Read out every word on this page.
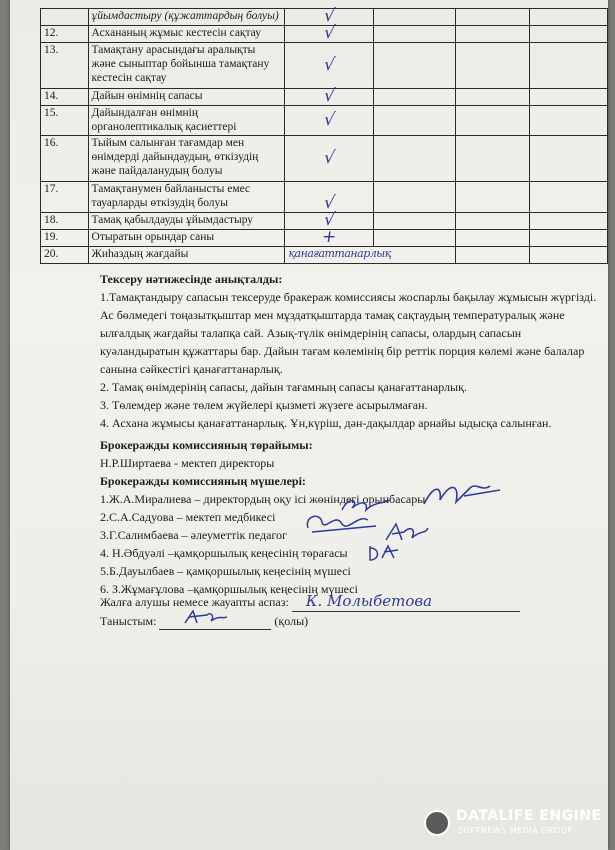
	ұйымдастыру (құжаттардың болуы)	√			
12.	Асхананың жұмыс кестесін сақтау	√			
13.	Тамақтану арасындағы аралықты және сыныптар бойынша тамақтану кестесін сақтау	√			
14.	Дайын өнімнің сапасы	√			
15.	Дайындалған өнімнің органолептикалық қасиеттері	√			
16.	Тыйым салынған тағамдар мен өнімдерді дайындаудың, өткізудің және пайдаланудың болуы	√			
17.	Тамақтанумен байланысты емес тауарларды өткізудің болуы	√			
18.	Тамақ қабылдауды ұйымдастыру	√			
19.	Отыратын орындар саны	+			
20.	Жиһаздың жағдайы	қанағаттанарлық			

Тексеру нәтижесінде анықталды:

1.Тамақтандыру сапасын тексеруде бракераж комиссиясы жоспарлы бақылау жұмысын жүргізді. Ас бөлмедегі тоңазытқыштар мен мұздатқыштарда тамақ сақтаудың температуралық және ылғалдық жағдайы талапқа сай. Азық-түлік өнімдерінің сапасы, олардың сапасын куәландыратын құжаттары бар. Дайын тағам көлемінің бір реттік порция көлемі және балалар санына сәйкестігі қанағаттанарлық.

2. Тамақ өнімдерінің сапасы, дайын тағамның сапасы қанағаттанарлық.

3. Төлемдер және төлем жүйелері қызметі жүзеге асырылмаған.

4. Асхана жұмысы қанағаттанарлық. Ұн,күріш, дән-дақылдар арнайы ыдысқа салынған.

Брокеражды комиссияның төрайымы:

Н.Р.Ширтаева - мектеп директоры

Брокеражды комиссияның мүшелері:

1.Ж.А.Миралиева – директордың оқу ісі жөніндегі орынбасары

2.С.А.Садуова – мектеп медбикесі

3.Г.Салимбаева – әлеуметтік педагог

4. Н.Әбдуәлі –қамқоршылық кеңесінің төрағасы

5.Б.Дауылбаев – қамқоршылық кеңесінің мүшесі

6. З.Жұмағұлова –қамқоршылық кеңесінің мүшесі

Жалға алушы немесе жауапты аспаз: К. Молыбетова

Таныстым:	(қолы)

DATALIFE ENGINE
SOFTNEWS MEDIA GROUP
